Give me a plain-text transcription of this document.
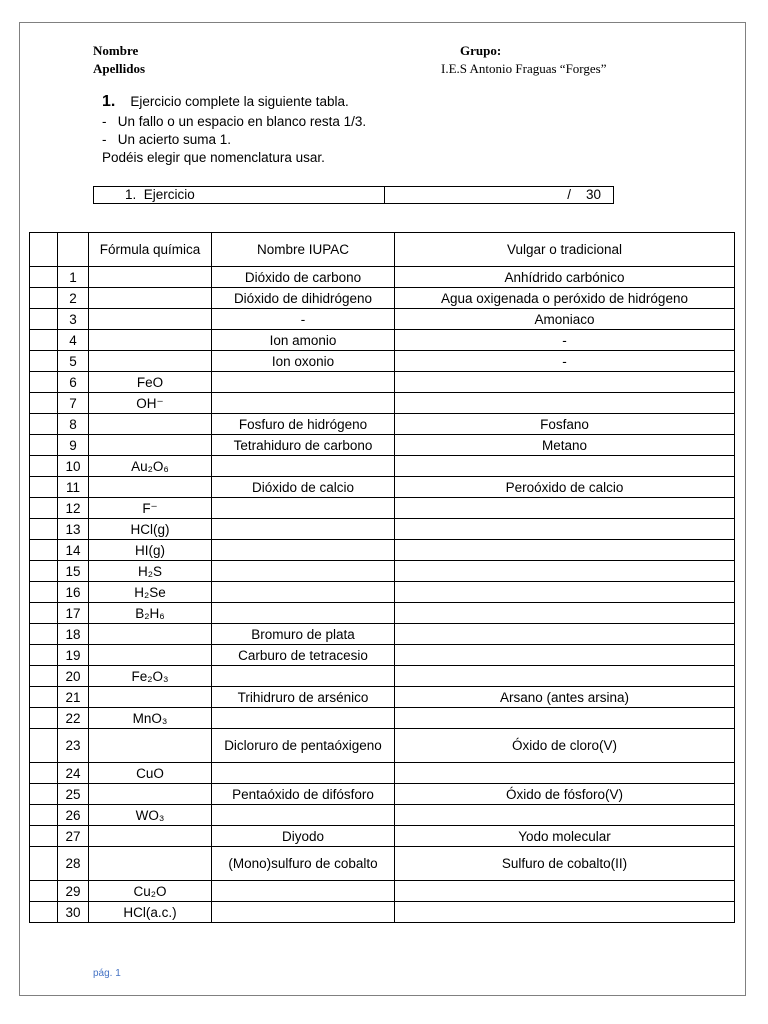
Nombre
Apellidos
Grupo:
I.E.S Antonio Fraguas “Forges”
1. Ejercicio complete la siguiente tabla.
-   Un fallo o un espacio en blanco resta 1/3.
-   Un acierto suma 1.
Podéis elegir que nomenclatura usar.
1.  Ejercicio	/    30
		Fórmula química	Nombre IUPAC	Vulgar o tradicional
	1		Dióxido de carbono	Anhídrido carbónico
	2		Dióxido de dihidrógeno	Agua oxigenada o peróxido de hidrógeno
	3		-	Amoniaco
	4		Ion amonio	-
	5		Ion oxonio	-
	6	FeO		
	7	OH⁻		
	8		Fosfuro de hidrógeno	Fosfano
	9		Tetrahiduro de carbono	Metano
	10	Au₂O₆		
	11		Dióxido de calcio	Peroóxido de calcio
	12	F⁻		
	13	HCl(g)		
	14	HI(g)		
	15	H₂S		
	16	H₂Se		
	17	B₂H₆		
	18		Bromuro de plata	
	19		Carburo de tetracesio	
	20	Fe₂O₃		
	21		Trihidruro de arsénico	Arsano (antes arsina)
	22	MnO₃		
	23		Dicloruro de pentaóxigeno	Óxido de cloro(V)
	24	CuO		
	25		Pentaóxido de difósforo	Óxido de fósforo(V)
	26	WO₃		
	27		Diyodo	Yodo molecular
	28		(Mono)sulfuro de cobalto	Sulfuro de cobalto(II)
	29	Cu₂O		
	30	HCl(a.c.)		
pág. 1
